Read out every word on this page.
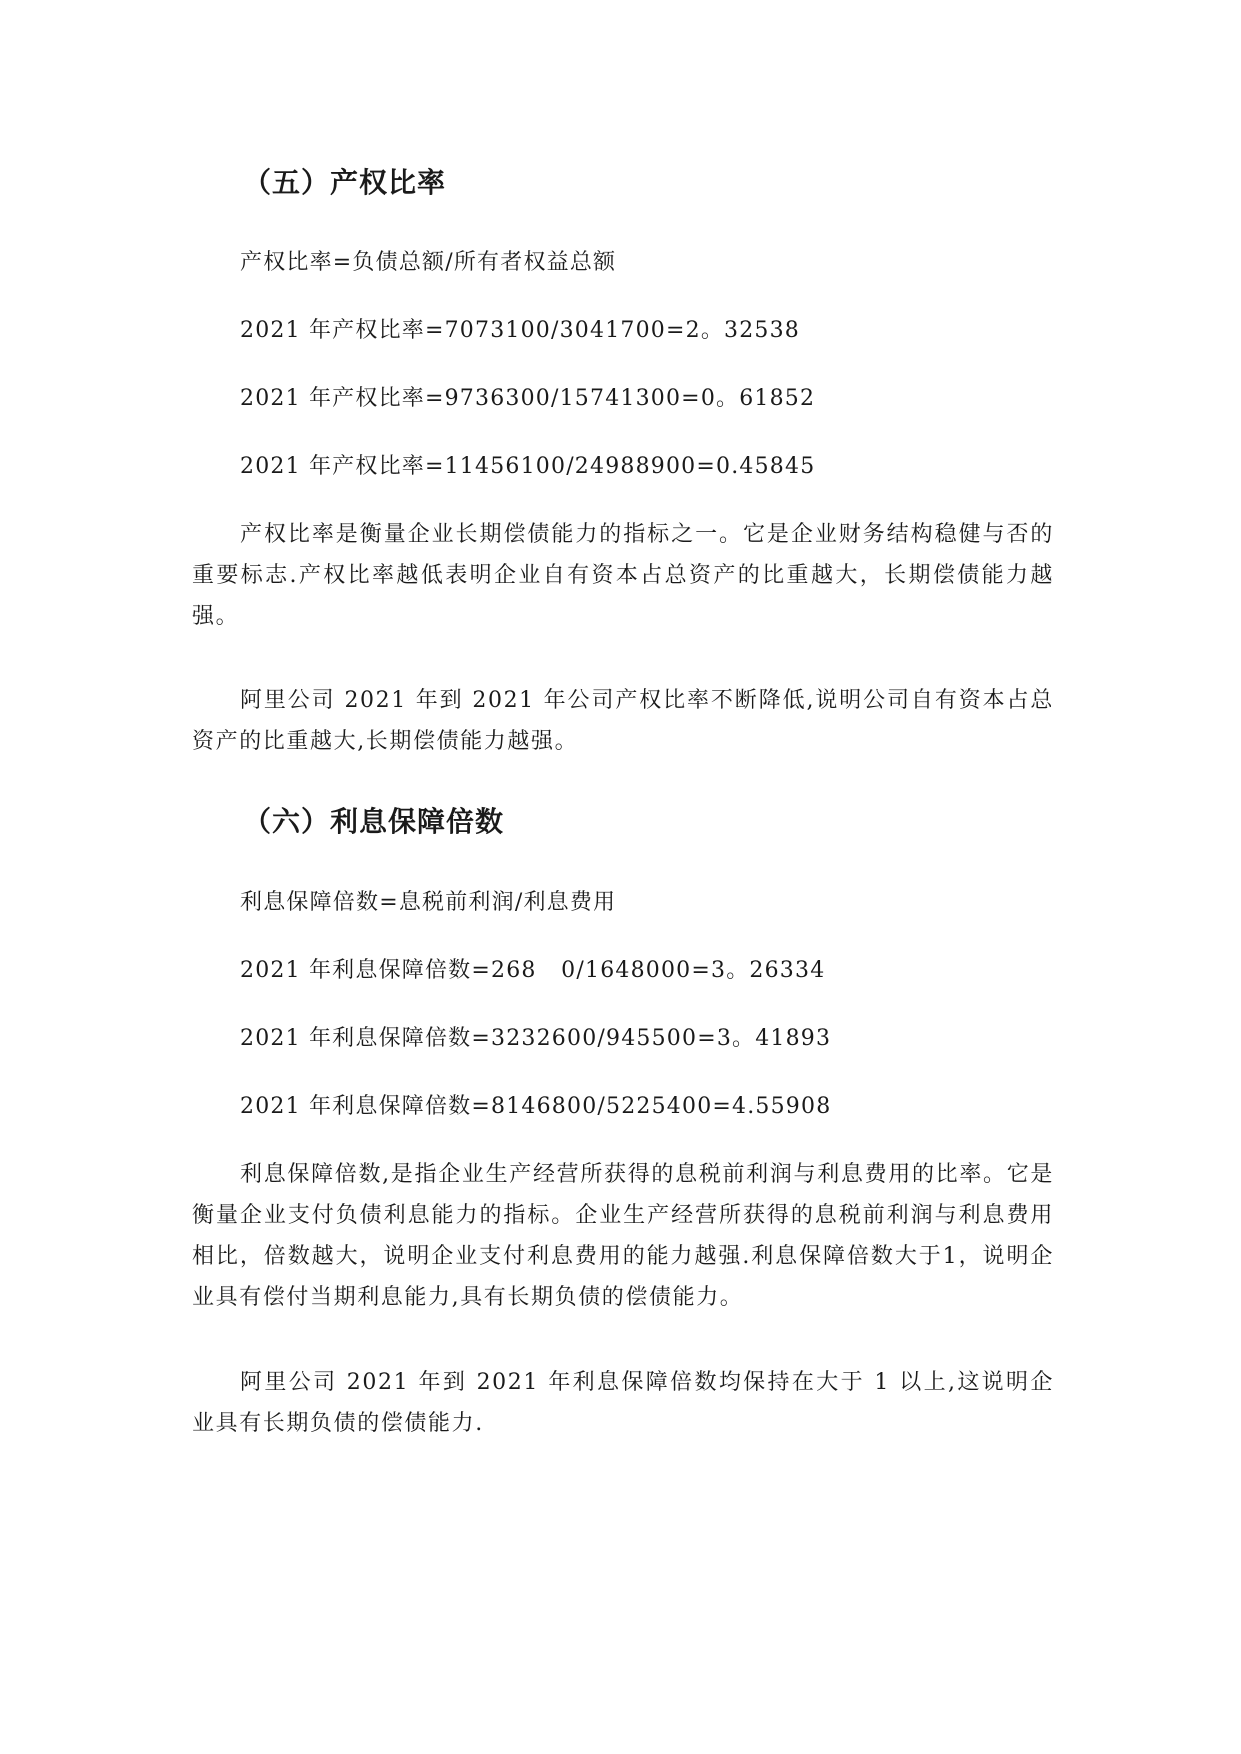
（五）产权比率
产权比率=负债总额/所有者权益总额
2021 年产权比率=7073100/3041700=2。32538
2021 年产权比率=9736300/15741300=0。61852
2021 年产权比率=11456100/24988900=0.45845
产权比率是衡量企业长期偿债能力的指标之一。它是企业财务结构稳健与否的重要标志.产权比率越低表明企业自有资本占总资产的比重越大，长期偿债能力越强。
阿里公司 2021 年到 2021 年公司产权比率不断降低,说明公司自有资本占总资产的比重越大,长期偿债能力越强。
（六）利息保障倍数
利息保障倍数=息税前利润/利息费用
2021 年利息保障倍数=268   0/1648000=3。26334
2021 年利息保障倍数=3232600/945500=3。41893
2021 年利息保障倍数=8146800/5225400=4.55908
利息保障倍数,是指企业生产经营所获得的息税前利润与利息费用的比率。它是衡量企业支付负债利息能力的指标。企业生产经营所获得的息税前利润与利息费用相比，倍数越大，说明企业支付利息费用的能力越强.利息保障倍数大于1，说明企业具有偿付当期利息能力,具有长期负债的偿债能力。
阿里公司 2021 年到 2021 年利息保障倍数均保持在大于 1 以上,这说明企业具有长期负债的偿债能力.
